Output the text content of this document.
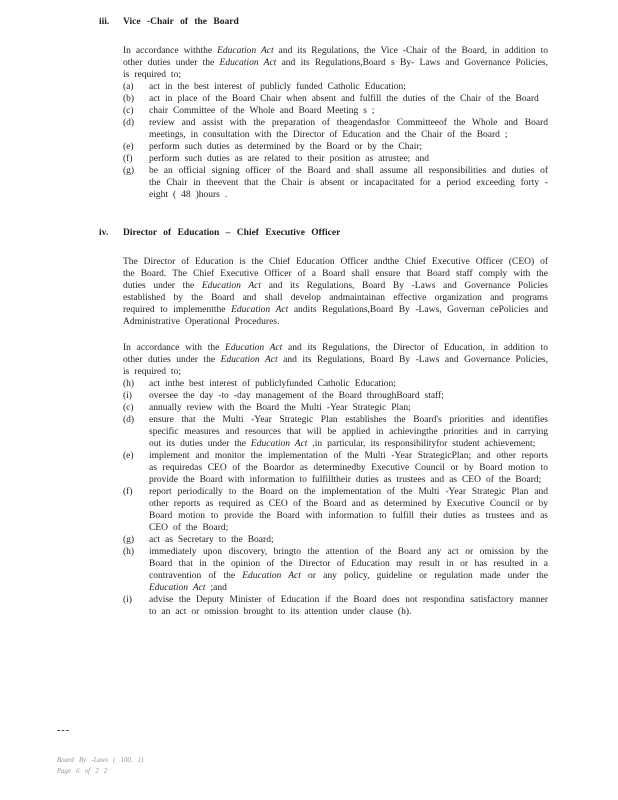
iii.	Vice -Chair of the Board

In accordance withthe Education Act and its Regulations, the Vice -Chair of the Board, in addition to other duties under the Education Act and its Regulations,Board s By- Laws and Governance Policies, is required to;

(a)	act in the best interest of publicly funded Catholic Education;
(b)	act in place of the Board Chair when absent and fulfill the duties of the Chair of the Board
(c)	chair Committee of the Whole and Board Meeting s ;
(d)	review and assist with the preparation of theagendasfor Committeeof the Whole and Board meetings, in consultation with the Director of Education and the Chair of the Board ;
(e)	perform such duties as determined by the Board or by the Chair;
(f)	perform such duties as are related to their position as atrustee; and
(g)	be an official signing officer of the Board and shall assume all responsibilities and duties of the Chair in theevent that the Chair is absent or incapacitated for a period exceeding forty -eight ( 48 )hours .
iv.	Director of Education – Chief Executive Officer

The Director of Education is the Chief Education Officer andthe Chief Executive Officer (CEO) of the Board. The Chief Executive Officer of a Board shall ensure that Board staff comply with the duties under the Education Act and its Regulations, Board By -Laws and Governance Policies established by the Board and shall develop andmaintainan effective organization and programs required to implementthe Education Act andits Regulations,Board By -Laws, Governan cePolicies and Administrative Operational Procedures.

In accordance with the Education Act and its Regulations, the Director of Education, in addition to other duties under the Education Act and its Regulations, Board By -Laws and Governance Policies, is required to;

(h)	act inthe best interest of publiclyfunded Catholic Education;
(i)	oversee the day -to -day management of the Board throughBoard staff;
(c)	annually review with the Board the Multi -Year Strategic Plan;
(d)	ensure that the Multi -Year Strategic Plan establishes the Board's priorities and identifies specific measures and resources that will be applied in achievingthe priorities and in carrying out its duties under the Education Act ,in particular, its responsibilityfor student achievement;
(e)	implement and monitor the implementation of the Multi -Year StrategicPlan; and other reports as requiredas CEO of the Boardor as determinedby Executive Council or by Board motion to provide the Board with information to fulfilltheir duties as trustees and as CEO of the Board;
(f)	report periodically to the Board on the implementation of the Multi -Year Strategic Plan and other reports as required as CEO of the Board and as determined by Executive Council or by Board motion to provide the Board with information to fulfill their duties as trustees and as CEO of the Board;
(g)	act as Secretary to the Board;
(h)	immediately upon discovery, bringto the attention of the Board any act or omission by the Board that in the opinion of the Director of Education may result in or has resulted in a contravention of the Education Act or any policy, guideline or regulation made under the Education Act ;and
(i)	advise the Deputy Minister of Education if the Board does not respondina satisfactory manner to an act or omission brought to its attention under clause (h).
---
Board By -Laws ( 100. 1)
Page 6 of 2 2
